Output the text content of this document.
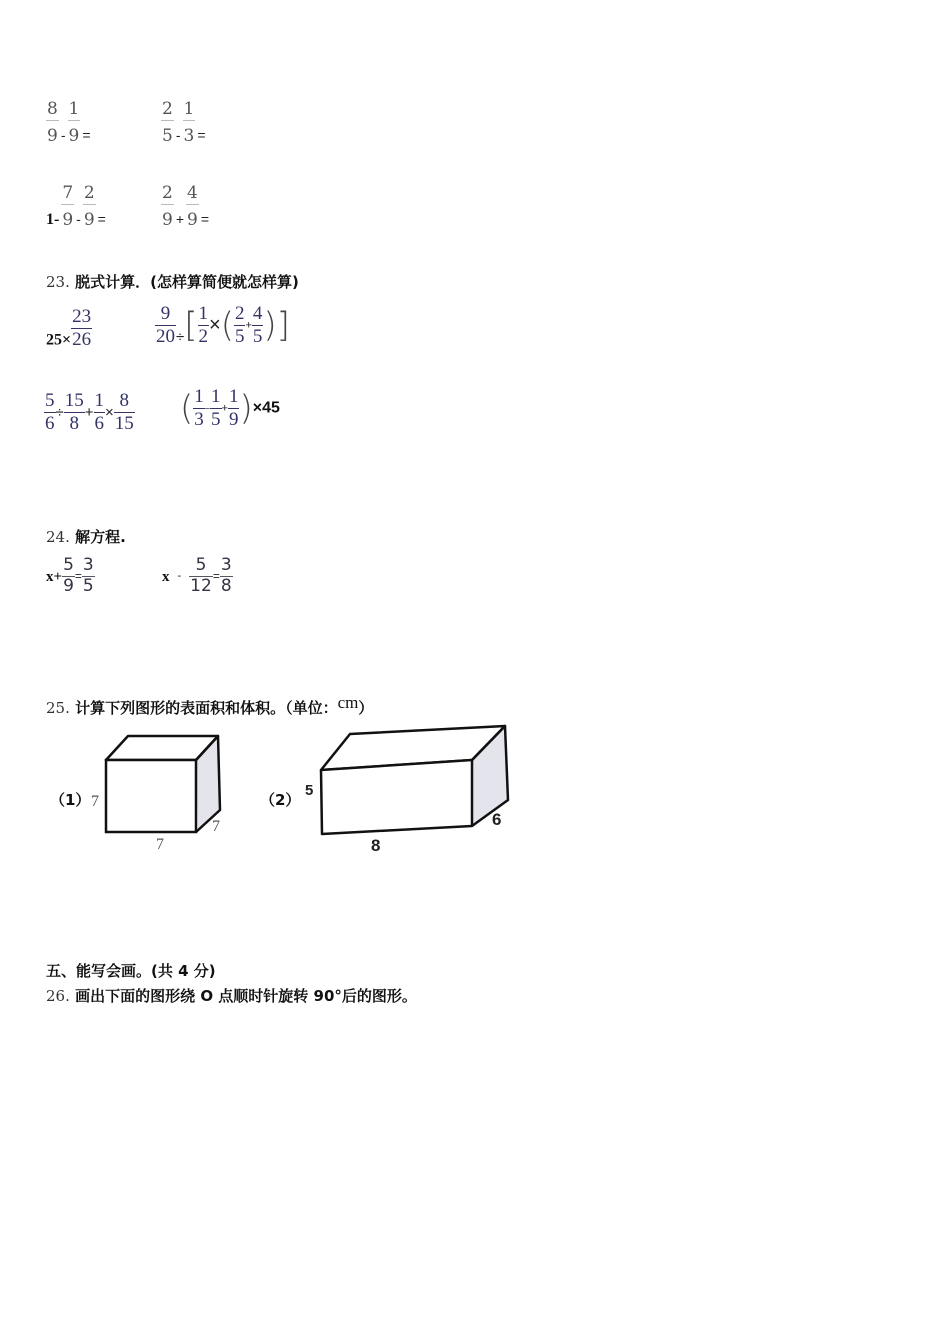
$\frac{8}{9} _- \frac{1}{9} _=$	$\frac{2}{5} _- \frac{1}{3} _=$
$1- \frac{7}{9} _- \frac{2}{9} _=$	$\frac{2}{9} _+ \frac{4}{9} _=$
23. 脱式计算．(怎样算简便就怎样算)
$_{25\times} \frac{23}{26}$	$\frac{9}{20} _\div[ \frac{1}{2}$ ×( $\frac{2}{5} + \frac{4}{5}$ )]
$\frac{5}{6} \div \frac{15}{8} + \frac{1}{6} \times \frac{8}{15}$ ( $\frac{1}{3} - \frac{1}{5} + \frac{1}{9} )\times 45$
24. 解方程.
$x+ \frac{5}{9} = \frac{3}{5}$	$x - \frac{5}{12} = \frac{3}{8}$
25. 计算下列图形的表面积和体积。（单位：cm）
（1） 7
7
7
（2）
5
8
6
五、能写会画。(共 4 分)
26. 画出下面的图形绕 O 点顺时针旋转 90°后的图形。
